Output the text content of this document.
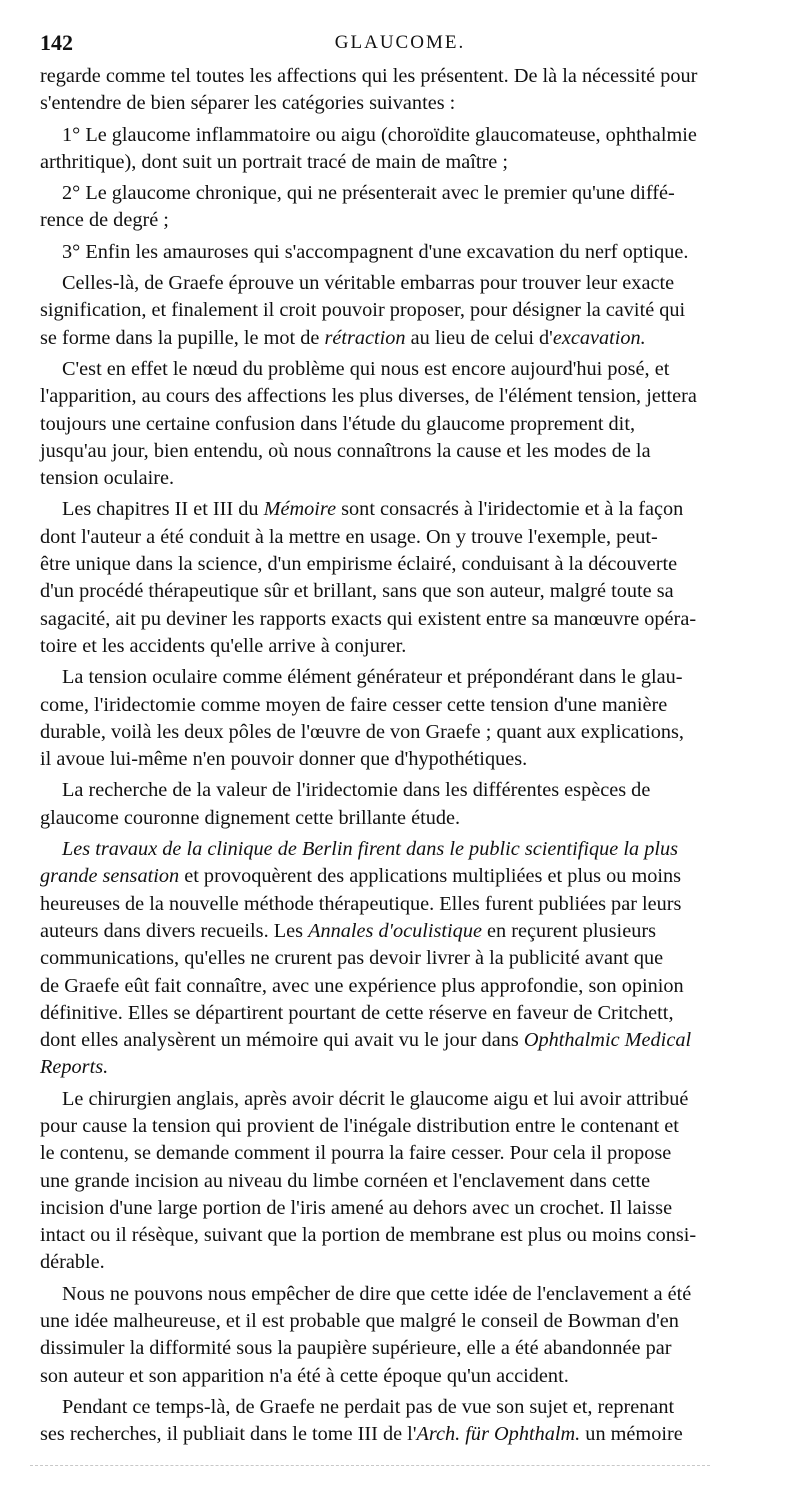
142	GLAUCOME.
regarde comme tel toutes les affections qui les présentent. De là la nécessité pour
s'entendre de bien séparer les catégories suivantes :
1° Le glaucome inflammatoire ou aigu (choroïdite glaucomateuse, ophthalmie
arthritique), dont suit un portrait tracé de main de maître ;
2° Le glaucome chronique, qui ne présenterait avec le premier qu'une diffé-
rence de degré ;
3° Enfin les amauroses qui s'accompagnent d'une excavation du nerf optique.
Celles-là, de Graefe éprouve un véritable embarras pour trouver leur exacte
signification, et finalement il croit pouvoir proposer, pour désigner la cavité qui
se forme dans la pupille, le mot de rétraction au lieu de celui d'excavation.
C'est en effet le nœud du problème qui nous est encore aujourd'hui posé, et
l'apparition, au cours des affections les plus diverses, de l'élément tension, jettera
toujours une certaine confusion dans l'étude du glaucome proprement dit,
jusqu'au jour, bien entendu, où nous connaîtrons la cause et les modes de la
tension oculaire.
Les chapitres II et III du Mémoire sont consacrés à l'iridectomie et à la façon
dont l'auteur a été conduit à la mettre en usage. On y trouve l'exemple, peut-
être unique dans la science, d'un empirisme éclairé, conduisant à la découverte
d'un procédé thérapeutique sûr et brillant, sans que son auteur, malgré toute sa
sagacité, ait pu deviner les rapports exacts qui existent entre sa manœuvre opéra-
toire et les accidents qu'elle arrive à conjurer.
La tension oculaire comme élément générateur et prépondérant dans le glau-
come, l'iridectomie comme moyen de faire cesser cette tension d'une manière
durable, voilà les deux pôles de l'œuvre de von Graefe ; quant aux explications,
il avoue lui-même n'en pouvoir donner que d'hypothétiques.
La recherche de la valeur de l'iridectomie dans les différentes espèces de
glaucome couronne dignement cette brillante étude.
Les travaux de la clinique de Berlin firent dans le public scientifique la plus
grande sensation et provoquèrent des applications multipliées et plus ou moins
heureuses de la nouvelle méthode thérapeutique. Elles furent publiées par leurs
auteurs dans divers recueils. Les Annales d'oculistique en reçurent plusieurs
communications, qu'elles ne crurent pas devoir livrer à la publicité avant que
de Graefe eût fait connaître, avec une expérience plus approfondie, son opinion
définitive. Elles se départirent pourtant de cette réserve en faveur de Critchett,
dont elles analysèrent un mémoire qui avait vu le jour dans Ophthalmic Medical
Reports.
Le chirurgien anglais, après avoir décrit le glaucome aigu et lui avoir attribué
pour cause la tension qui provient de l'inégale distribution entre le contenant et
le contenu, se demande comment il pourra la faire cesser. Pour cela il propose
une grande incision au niveau du limbe cornéen et l'enclavement dans cette
incision d'une large portion de l'iris amené au dehors avec un crochet. Il laisse
intact ou il résèque, suivant que la portion de membrane est plus ou moins consi-
dérable.
Nous ne pouvons nous empêcher de dire que cette idée de l'enclavement a été
une idée malheureuse, et il est probable que malgré le conseil de Bowman d'en
dissimuler la difformité sous la paupière supérieure, elle a été abandonnée par
son auteur et son apparition n'a été à cette époque qu'un accident.
Pendant ce temps-là, de Graefe ne perdait pas de vue son sujet et, reprenant
ses recherches, il publiait dans le tome III de l'Arch. für Ophthalm. un mémoire
